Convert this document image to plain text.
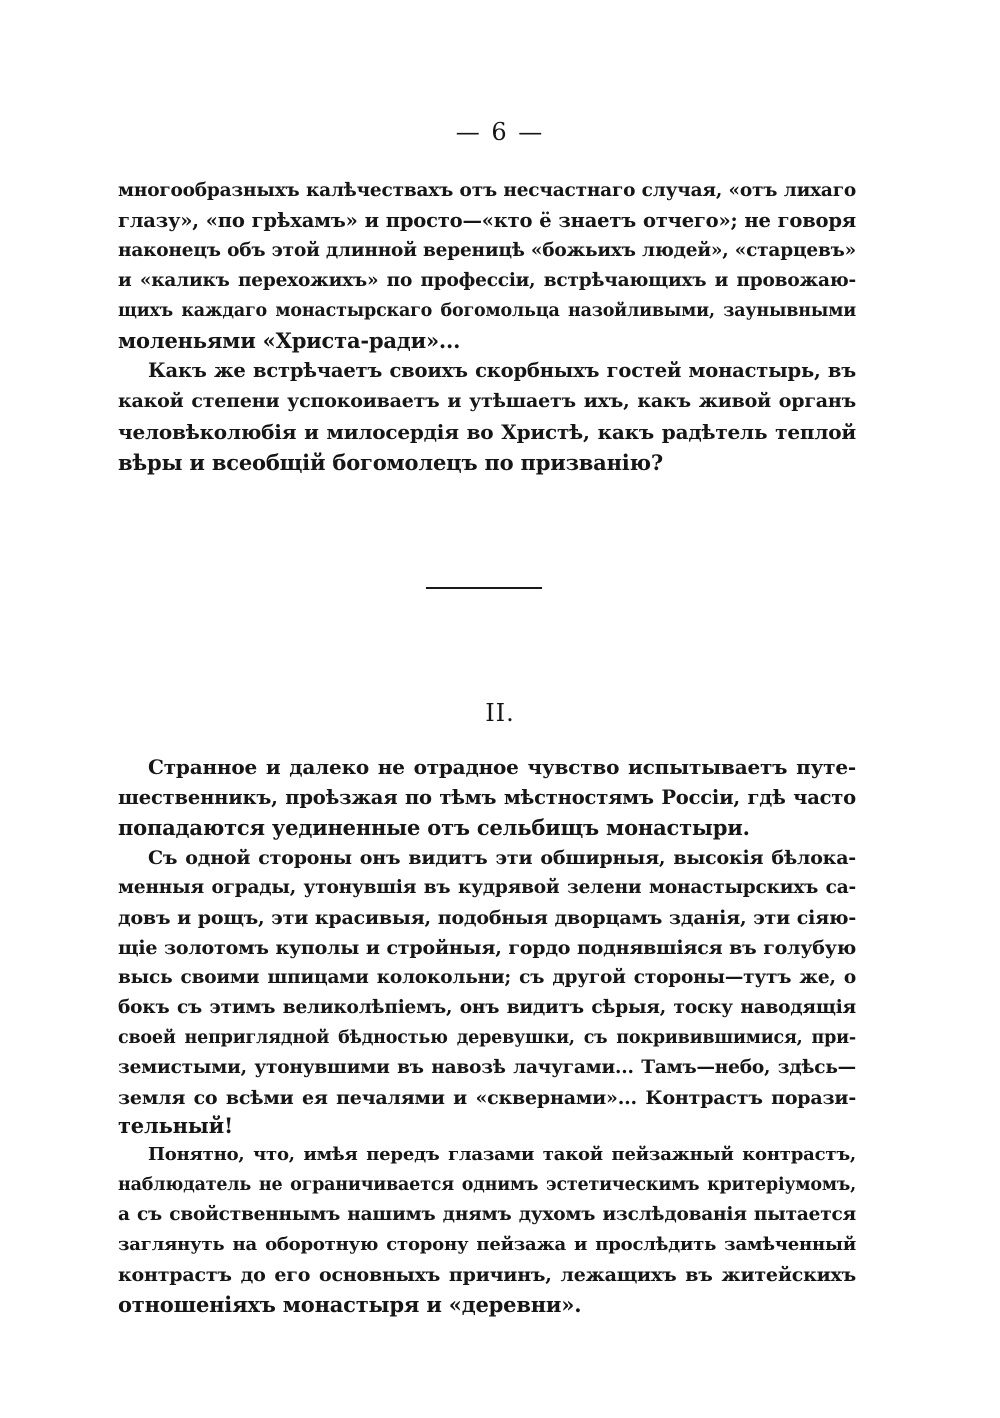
— 6 —
многообразныхъ калѣчествахъ отъ несчастнаго случая, «отъ лихаго
глазу», «по грѣхамъ» и просто—«кто ё знаетъ отчего»; не говоря
наконецъ объ этой длинной вереницѣ «божьихъ людей», «старцевъ»
и «каликъ перехожихъ» по профессіи, встрѣчающихъ и провожаю-
щихъ каждаго монастырскаго богомольца назойливыми, заунывными
моленьями «Христа-ради»...
Какъ же встрѣчаетъ своихъ скорбныхъ гостей монастырь, въ
какой степени успокоиваетъ и утѣшаетъ ихъ, какъ живой органъ
человѣколюбія и милосердія во Христѣ, какъ радѣтель теплой
вѣры и всеобщій богомолецъ по призванію?
II.
Странное и далеко не отрадное чувство испытываетъ путе-
шественникъ, проѣзжая по тѣмъ мѣстностямъ Россіи, гдѣ часто
попадаются уединенные отъ сельбищъ монастыри.
Съ одной стороны онъ видитъ эти обширныя, высокія бѣлока-
менныя ограды, утонувшія въ кудрявой зелени монастырскихъ са-
довъ и рощъ, эти красивыя, подобныя дворцамъ зданія, эти сіяю-
щіе золотомъ куполы и стройныя, гордо поднявшіяся въ голубую
высь своими шпицами колокольни; съ другой стороны—тутъ же, о
бокъ съ этимъ великолѣпіемъ, онъ видитъ сѣрыя, тоску наводящія
своей неприглядной бѣдностью деревушки, съ покривившимися, при-
земистыми, утонувшими въ навозѣ лачугами... Тамъ—небо, здѣсь—
земля со всѣми ея печалями и «сквернами»... Контрастъ порази-
тельный!
Понятно, что, имѣя передъ глазами такой пейзажный контрастъ,
наблюдатель не ограничивается однимъ эстетическимъ критеріумомъ,
а съ свойственнымъ нашимъ днямъ духомъ изслѣдованія пытается
заглянуть на оборотную сторону пейзажа и прослѣдить замѣченный
контрастъ до его основныхъ причинъ, лежащихъ въ житейскихъ
отношеніяхъ монастыря и «деревни».
